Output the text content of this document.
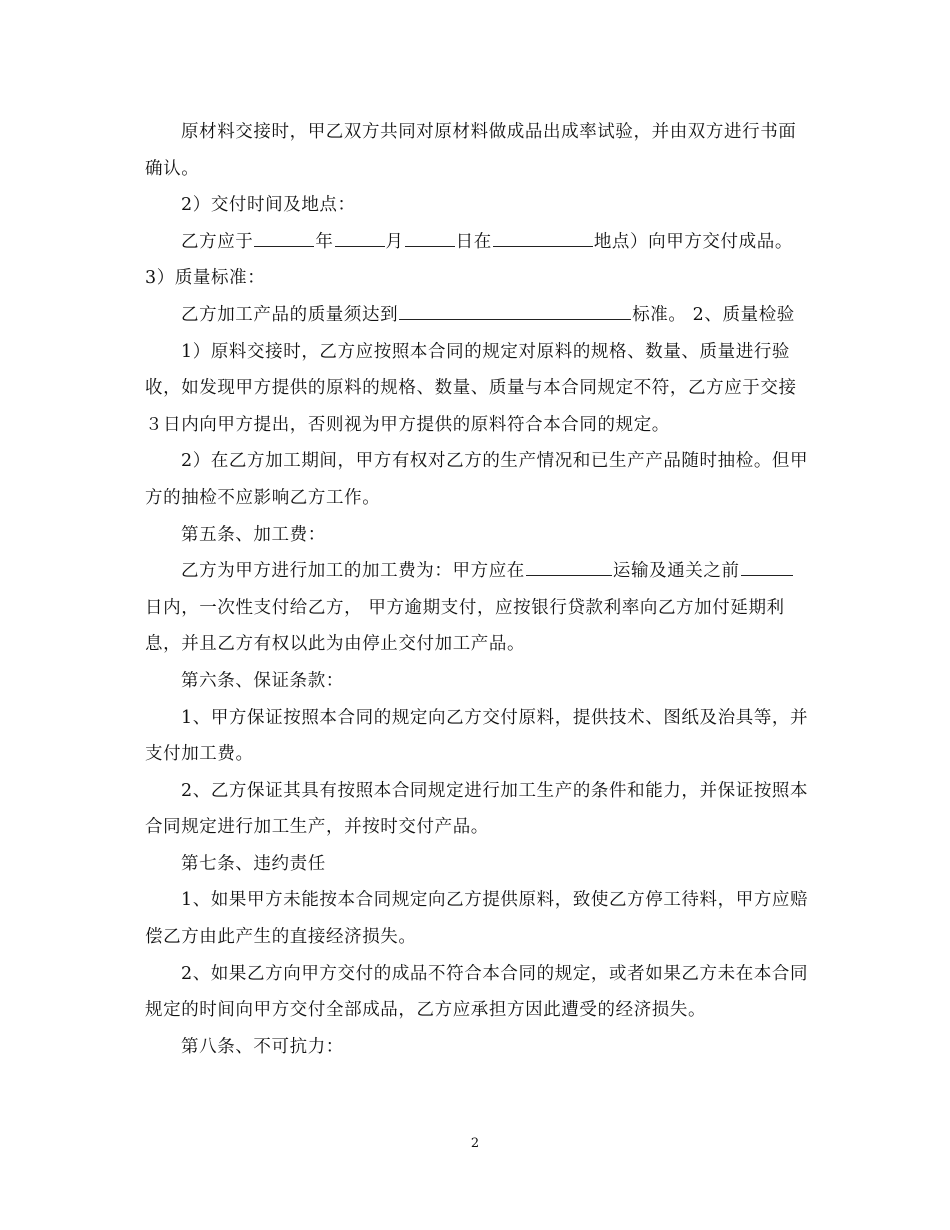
原材料交接时，甲乙双方共同对原材料做成品出成率试验，并由双方进行书面确认。

2）交付时间及地点：

乙方应于	年	月	日在	地点）向甲方交付成品。 3）质量标准：

乙方加工产品的质量须达到	标准。 2、质量检验

1）原料交接时，乙方应按照本合同的规定对原料的规格、数量、质量进行验收，如发现甲方提供的原料的规格、数量、质量与本合同规定不符，乙方应于交接３日内向甲方提出，否则视为甲方提供的原料符合本合同的规定。

2）在乙方加工期间，甲方有权对乙方的生产情况和已生产产品随时抽检。但甲方的抽检不应影响乙方工作。

第五条、加工费：

乙方为甲方进行加工的加工费为：甲方应在	运输及通关之前日内，一次性支付给乙方， 甲方逾期支付，应按银行贷款利率向乙方加付延期利息，并且乙方有权以此为由停止交付加工产品。

第六条、保证条款：

1、甲方保证按照本合同的规定向乙方交付原料，提供技术、图纸及治具等，并支付加工费。

2、乙方保证其具有按照本合同规定进行加工生产的条件和能力，并保证按照本合同规定进行加工生产，并按时交付产品。

第七条、违约责任

1、如果甲方未能按本合同规定向乙方提供原料，致使乙方停工待料，甲方应赔偿乙方由此产生的直接经济损失。

2、如果乙方向甲方交付的成品不符合本合同的规定，或者如果乙方未在本合同规定的时间向甲方交付全部成品，乙方应承担方因此遭受的经济损失。

第八条、不可抗力：

2
